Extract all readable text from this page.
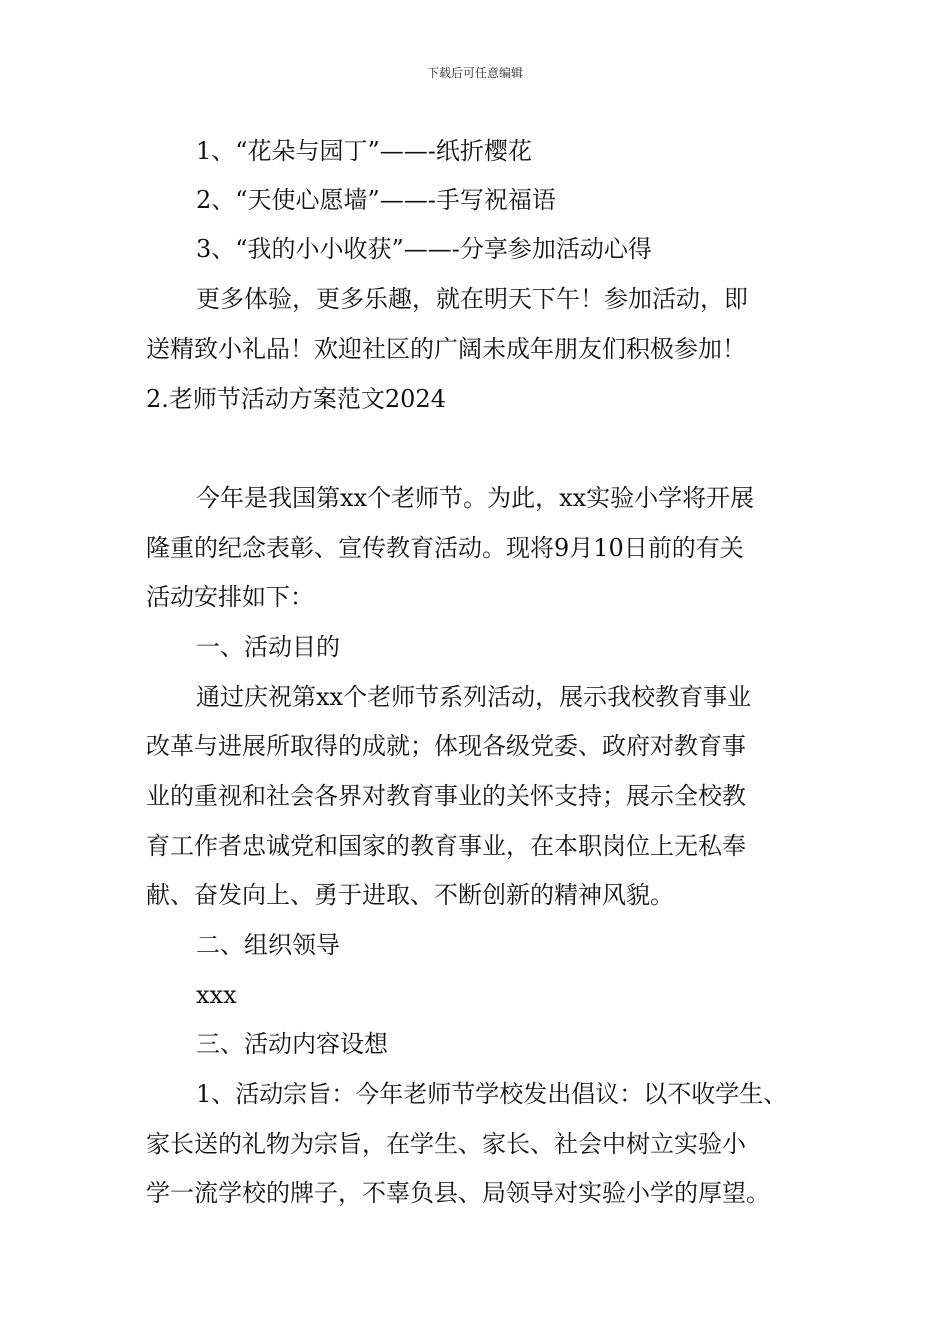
下载后可任意编辑
1、“花朵与园丁”——-纸折樱花
2、“天使心愿墙”——-手写祝福语
3、“我的小小收获”——-分享参加活动心得
更多体验，更多乐趣，就在明天下午！参加活动，即
送精致小礼品！欢迎社区的广阔未成年朋友们积极参加！
2.老师节活动方案范文2024
今年是我国第xx个老师节。为此，xx实验小学将开展
隆重的纪念表彰、宣传教育活动。现将9月10日前的有关
活动安排如下：
一、活动目的
通过庆祝第xx个老师节系列活动，展示我校教育事业
改革与进展所取得的成就；体现各级党委、政府对教育事
业的重视和社会各界对教育事业的关怀支持；展示全校教
育工作者忠诚党和国家的教育事业，在本职岗位上无私奉
献、奋发向上、勇于进取、不断创新的精神风貌。
二、组织领导
xxx
三、活动内容设想
1、活动宗旨：今年老师节学校发出倡议：以不收学生、
家长送的礼物为宗旨，在学生、家长、社会中树立实验小
学一流学校的牌子，不辜负县、局领导对实验小学的厚望。
